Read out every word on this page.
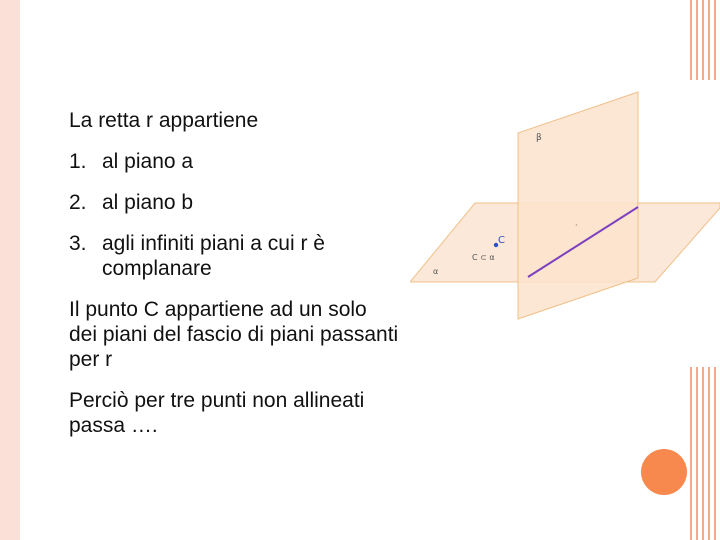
La retta r appartiene

1. al piano a
2. al piano b
3. agli infiniti piani a cui r è complanare

Il punto C appartiene ad un solo dei piani del fascio di piani passanti per r

Perciò per tre punti non allineati passa ….

C
C ⊂ α
α
β
·
